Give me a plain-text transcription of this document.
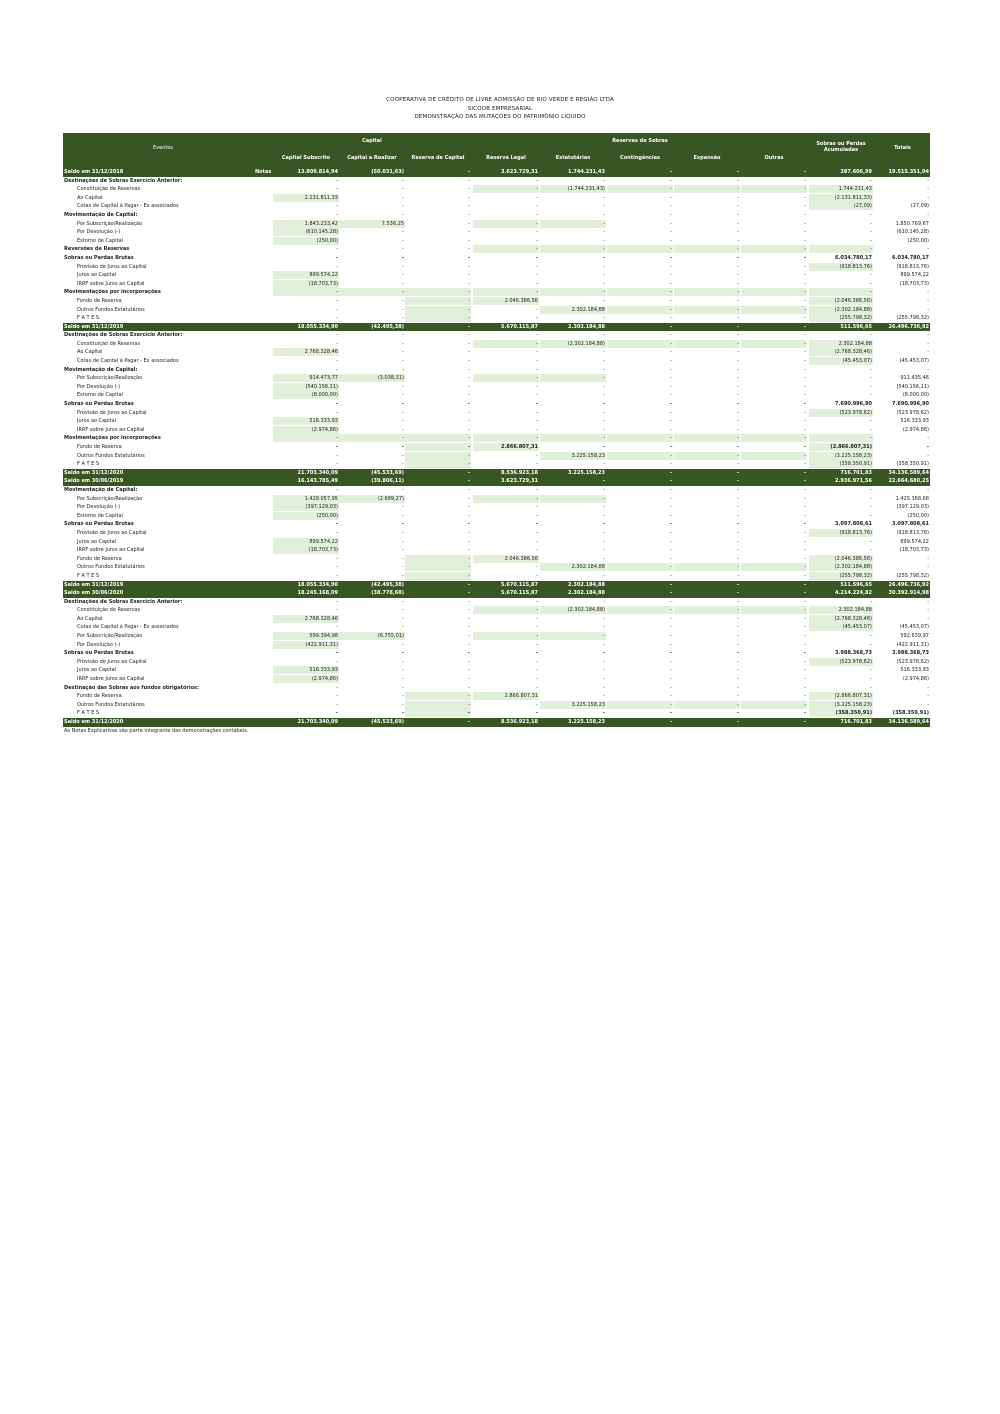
COOPERATIVA DE CRÉDITO DE LIVRE ADMISSÃO DE RIO VERDE E REGIÃO LTDA
SICOOB EMPRESARIAL
DEMONSTRAÇÃO DAS MUTAÇÕES DO PATRIMÔNIO LÍQUIDO
Eventos
Capital	Reservas de Sobras	Sobras ou Perdas Acumuladas	Totais
Capital Subscrito	Capital a Realizar	Reserva de Capital	Reserva Legal	Estatutárias	Contingências	Expansão	Outras
Saldo em 31/12/2018	Notas	13.809.814,94	(50.031,63)	-	3.623.729,31	1.744.231,43	-	-	-	387.606,99	19.515.351,04
Destinações de Sobras Exercício Anterior:	-	-	-	-	-	-	-	-	-	-
Constituição de Reservas	-	-	-	-	(1.744.231,43)	-	-	-	1.744.231,43	-
Ao Capital	2.131.811,33	-	-	-	-	-	-	-	(2.131.811,33)	-
Cotas de Capital à Pagar - Ex associados	-	-	-	-	-	-	-	-	(27,09)	(27,09)
Movimentação de Capital:	-	-	-	-	-	-	-	-	-	-
Por Subscrição/Realização	1.843.233,42	7.536,25	-	-	-	-	-	-	-	1.850.769,67
Por Devolução (-)	(610.145,28)	-	-	-	-	-	-	-	-	(610.145,28)
Estorno de Capital	(250,00)	-	-	-	-	-	-	-	-	(250,00)
Reversões de Reservas	-	-	-	-	-	-	-	-	-	-
Sobras ou Perdas Brutas	-	-	-	-	-	-	-	-	6.034.780,17	6.034.780,17
Provisão de Juros ao Capital	-	-	-	-	-	-	-	-	(918.813,76)	(918.813,76)
Juros ao Capital	899.574,22	-	-	-	-	-	-	-	-	899.574,22
IRRF sobre Juros ao Capital	(18.703,73)	-	-	-	-	-	-	-	-	(18.703,73)
Movimentações por incorporações	-	-	-	-	-	-	-	-	-	-
Fundo de Reserva	-	-	-	2.046.386,56	-	-	-	-	(2.046.386,56)	-
Outros Fundos Estatutários	-	-	-	-	2.302.184,88	-	-	-	(2.302.184,88)	-
F A T E S	-	-	-	-	-	-	-	-	(255.798,32)	(255.798,32)
Saldo em 31/12/2019	18.055.334,90	(42.495,38)	-	5.670.115,87	2.302.184,88	-	-	-	511.596,65	26.496.736,92
Destinações de Sobras Exercício Anterior:	-	-	-	-	-	-	-	-	-	-
Constituição de Reservas	-	-	-	-	(2.302.184,88)	-	-	-	2.302.184,88	-
Ao Capital	2.768.328,46	-	-	-	-	-	-	-	(2.768.328,46)	-
Cotas de Capital à Pagar - Ex associados	-	-	-	-	-	-	-	-	(45.453,07)	(45.453,07)
Movimentação de Capital:	-	-	-	-	-	-	-	-	-	-
Por Subscrição/Realização	914.473,77	(3.038,31)	-	-	-	-	-	-	-	911.435,46
Por Devolução (-)	(540.156,11)	-	-	-	-	-	-	-	-	(540.156,11)
Estorno de Capital	(8.000,00)	-	-	-	-	-	-	-	-	(8.000,00)
Sobras ou Perdas Brutas	-	-	-	-	-	-	-	-	7.690.996,90	7.690.996,90
Provisão de Juros ao Capital	-	-	-	-	-	-	-	-	(523.978,62)	(523.978,62)
Juros ao Capital	516.333,93	-	-	-	-	-	-	-	-	516.333,93
IRRF sobre Juros ao Capital	(2.974,86)	-	-	-	-	-	-	-	-	(2.974,86)
Movimentações por incorporações	-	-	-	-	-	-	-	-	-	-
Fundo de Reserva	-	-	-	2.866.807,31	-	-	-	-	(2.866.807,31)	-
Outros Fundos Estatutários	-	-	-	-	3.225.158,23	-	-	-	(3.225.158,23)	-
F A T E S	-	-	-	-	-	-	-	-	(358.350,91)	(358.350,91)
Saldo em 31/12/2020	21.703.340,09	(45.533,69)	-	8.536.923,18	3.225.158,23	-	-	-	716.701,83	34.136.589,64
Saldo em 30/06/2019	16.143.785,49	(39.806,11)	-	3.623.729,31	-	-	-	-	2.936.971,56	22.664.680,25
Movimentação de Capital:	-	-	-	-	-	-	-	-	-	-
Por Subscrição/Realização	1.428.057,95	(2.689,27)	-	-	-	-	-	-	-	1.425.368,68
Por Devolução (-)	(397.129,03)	-	-	-	-	-	-	-	-	(397.129,03)
Estorno de Capital	(250,00)	-	-	-	-	-	-	-	-	(250,00)
Sobras ou Perdas Brutas	-	-	-	-	-	-	-	-	3.097.808,61	3.097.808,61
Provisão de Juros ao Capital	-	-	-	-	-	-	-	-	(918.813,76)	(918.813,76)
Juros ao Capital	899.574,22	-	-	-	-	-	-	-	-	899.574,22
IRRF sobre Juros ao Capital	(18.703,73)	-	-	-	-	-	-	-	-	(18.703,73)
Fundo de Reserva	-	-	-	2.046.386,56	-	-	-	-	(2.046.386,56)	-
Outros Fundos Estatutários	-	-	-	-	2.302.184,88	-	-	-	(2.302.184,88)	-
F A T E S	-	-	-	-	-	-	-	-	(255.798,32)	(255.798,32)
Saldo em 31/12/2019	18.055.334,90	(42.495,38)	-	5.670.115,87	2.302.184,88	-	-	-	511.596,65	26.496.736,92
Saldo em 30/06/2020	18.245.168,09	(38.778,68)	-	5.670.115,87	2.302.184,88	-	-	-	4.214.224,82	30.392.914,98
Destinações de Sobras Exercício Anterior:	-	-	-	-	-	-	-	-	-	-
Constituição de Reservas	-	-	-	-	(2.302.184,88)	-	-	-	2.302.184,88	-
Ao Capital	2.768.328,46	-	-	-	-	-	-	-	(2.768.328,46)	-
Cotas de Capital à Pagar - Ex associados	-	-	-	-	-	-	-	-	(45.453,07)	(45.453,07)
Por Subscrição/Realização	599.394,98	(6.755,01)	-	-	-	-	-	-	-	592.639,97
Por Devolução (-)	(422.911,31)	-	-	-	-	-	-	-	-	(422.911,31)
Sobras ou Perdas Brutas	-	-	-	-	-	-	-	-	3.988.368,73	3.988.368,73
Provisão de Juros ao Capital	-	-	-	-	-	-	-	-	(523.978,62)	(523.978,62)
Juros ao Capital	516.333,93	-	-	-	-	-	-	-	-	516.333,93
IRRF sobre Juros ao Capital	(2.974,86)	-	-	-	-	-	-	-	-	(2.974,86)
Destinação das Sobras aos fundos obrigatórios:	-	-	-	-	-	-	-	-	-	-
Fundo de Reserva	-	-	-	2.866.807,31	-	-	-	-	(2.866.807,31)	-
Outros Fundos Estatutários	-	-	-	-	3.225.158,23	-	-	-	(3.225.158,23)	-
F A T E S	-	-	-	-	-	-	-	-	(358.350,91)	(358.350,91)
Saldo em 31/12/2020	21.703.340,09	(45.533,69)	-	8.536.923,18	3.225.158,23	-	-	-	716.701,83	34.136.589,64
As Notas Explicativas são parte integrante das demonstrações contábeis.
